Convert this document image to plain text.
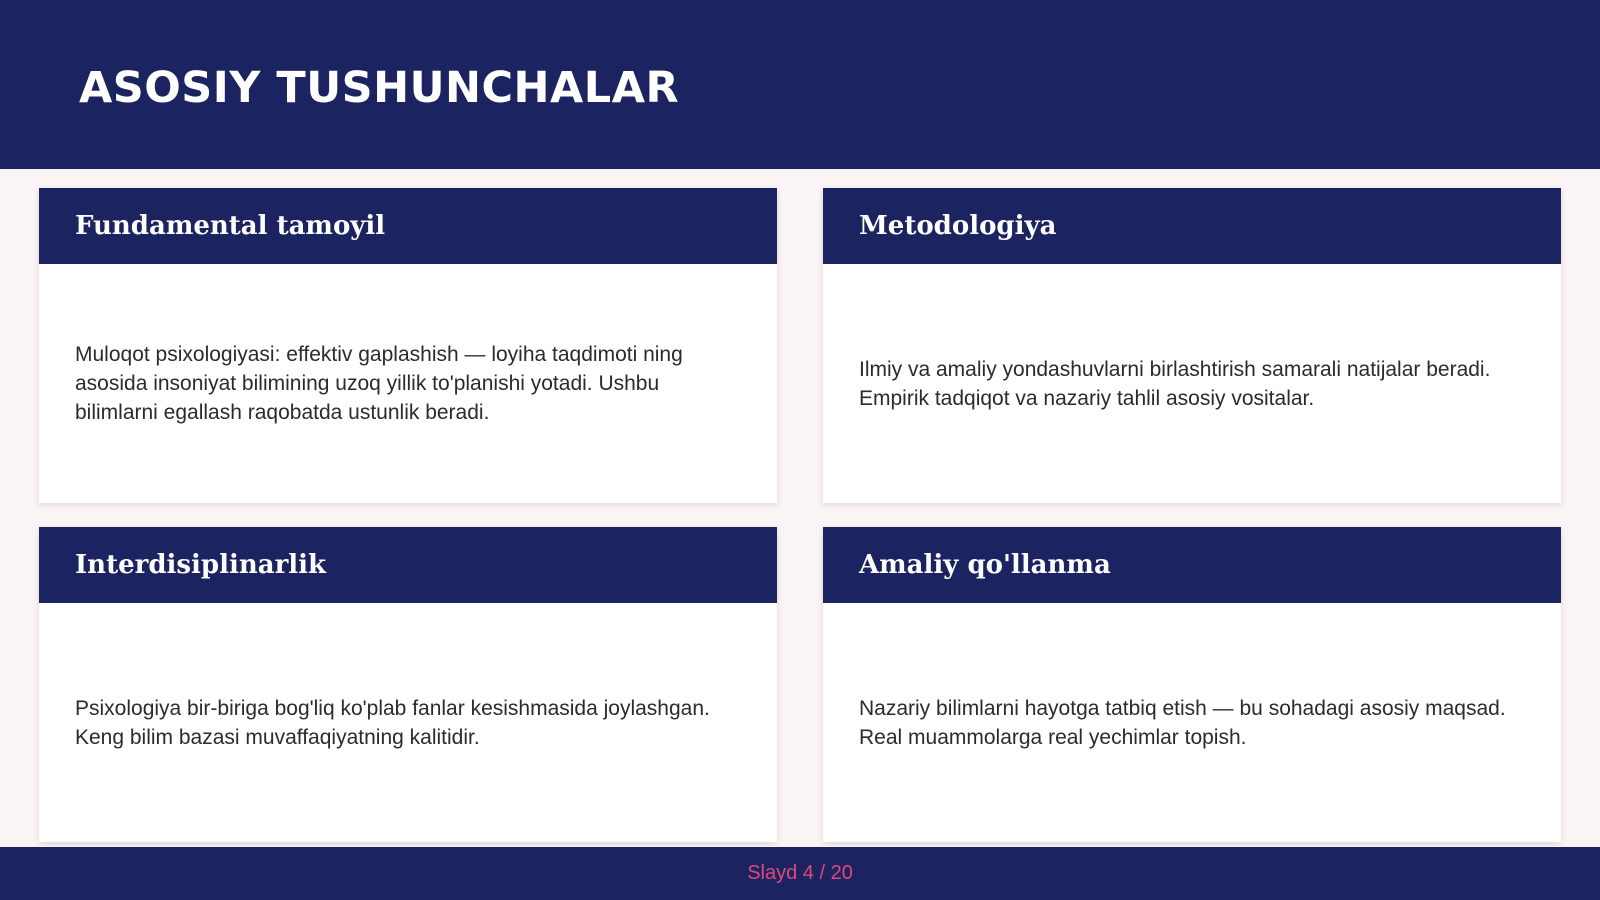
ASOSIY TUSHUNCHALAR
Fundamental tamoyil

Muloqot psixologiyasi: effektiv gaplashish — loyiha taqdimoti ning asosida insoniyat bilimining uzoq yillik to'planishi yotadi. Ushbu bilimlarni egallash raqobatda ustunlik beradi.

Metodologiya

Ilmiy va amaliy yondashuvlarni birlashtirish samarali natijalar beradi. Empirik tadqiqot va nazariy tahlil asosiy vositalar.

Interdisiplinarlik

Psixologiya bir-biriga bog'liq ko'plab fanlar kesishmasida joylashgan. Keng bilim bazasi muvaffaqiyatning kalitidir.

Amaliy qo'llanma

Nazariy bilimlarni hayotga tatbiq etish — bu sohadagi asosiy maqsad. Real muammolarga real yechimlar topish.

Slayd 4 / 20
